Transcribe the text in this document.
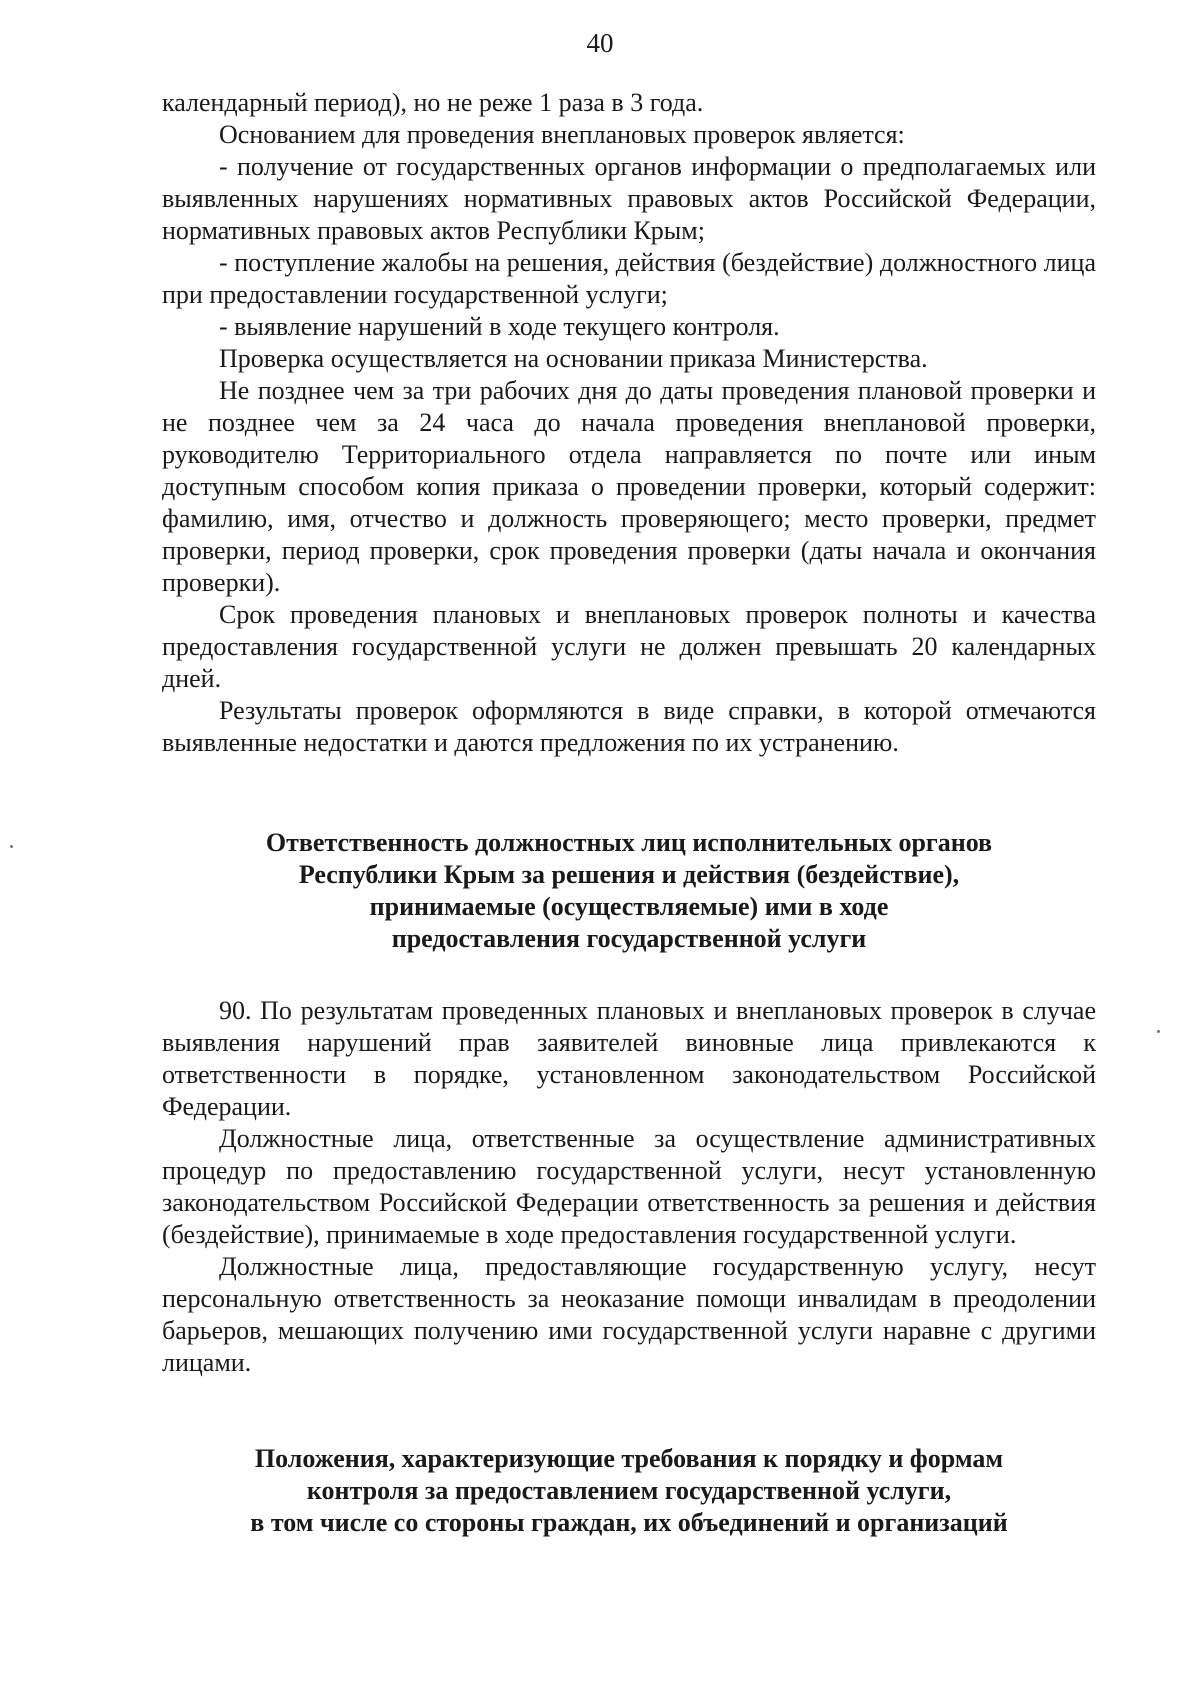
40

календарный период), но не реже 1 раза в 3 года.

Основанием для проведения внеплановых проверок является:

- получение от государственных органов информации о предполагаемых или выявленных нарушениях нормативных правовых актов Российской Федерации, нормативных правовых актов Республики Крым;

- поступление жалобы на решения, действия (бездействие) должностного лица при предоставлении государственной услуги;

- выявление нарушений в ходе текущего контроля.

Проверка осуществляется на основании приказа Министерства.

Не позднее чем за три рабочих дня до даты проведения плановой проверки и не позднее чем за 24 часа до начала проведения внеплановой проверки, руководителю Территориального отдела направляется по почте или иным доступным способом копия приказа о проведении проверки, который содержит: фамилию, имя, отчество и должность проверяющего; место проверки, предмет проверки, период проверки, срок проведения проверки (даты начала и окончания проверки).

Срок проведения плановых и внеплановых проверок полноты и качества предоставления государственной услуги не должен превышать 20 календарных дней.

Результаты проверок оформляются в виде справки, в которой отмечаются выявленные недостатки и даются предложения по их устранению.

Ответственность должностных лиц исполнительных органов
Республики Крым за решения и действия (бездействие),
принимаемые (осуществляемые) ими в ходе
предоставления государственной услуги

90. По результатам проведенных плановых и внеплановых проверок в случае выявления нарушений прав заявителей виновные лица привлекаются к ответственности в порядке, установленном законодательством Российской Федерации.

Должностные лица, ответственные за осуществление административных процедур по предоставлению государственной услуги, несут установленную законодательством Российской Федерации ответственность за решения и действия (бездействие), принимаемые в ходе предоставления государственной услуги.

Должностные лица, предоставляющие государственную услугу, несут персональную ответственность за неоказание помощи инвалидам в преодолении барьеров, мешающих получению ими государственной услуги наравне с другими лицами.

Положения, характеризующие требования к порядку и формам
контроля за предоставлением государственной услуги,
в том числе со стороны граждан, их объединений и организаций
